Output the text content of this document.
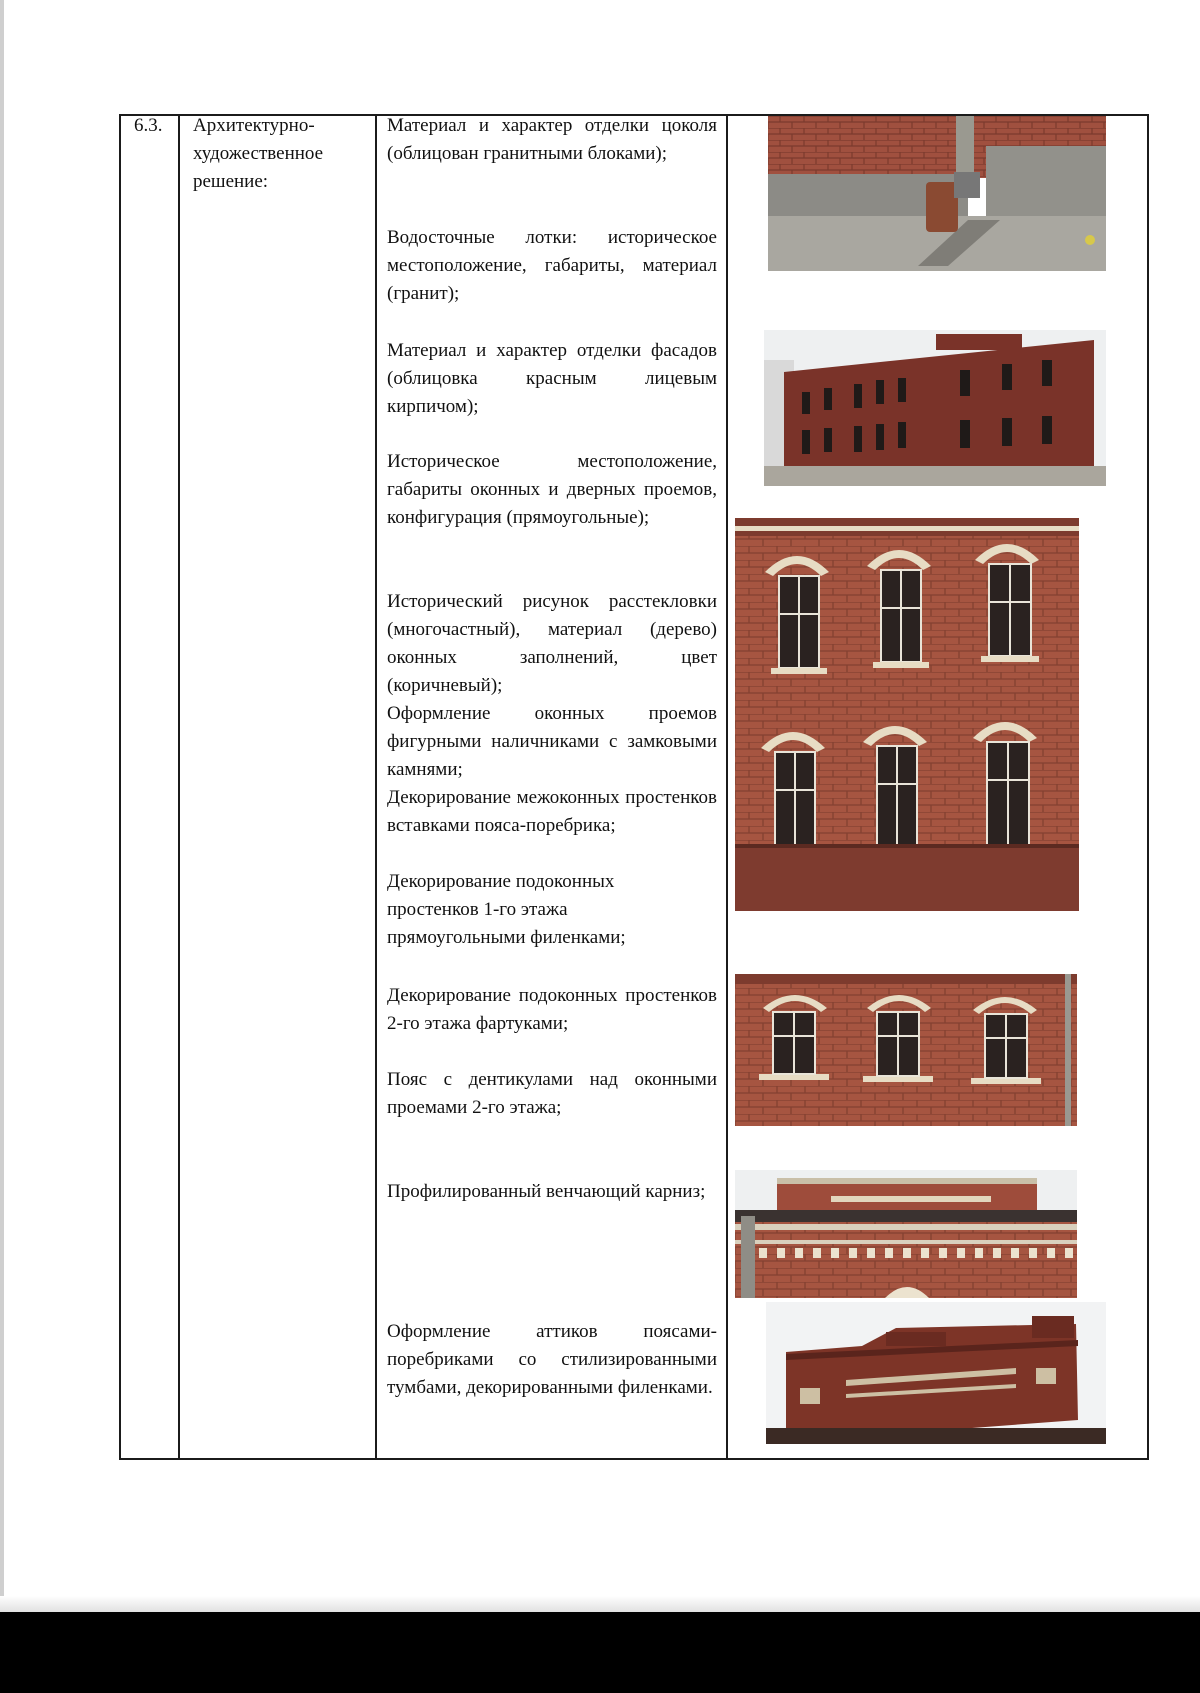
6.3. Архитектурно-
художественное
решение:
Материал и характер отделки цоколя (облицован гранитными блоками);
Водосточные лотки: историческое местоположение, габариты, материал (гранит);
Материал и характер отделки фасадов (облицовка красным лицевым кирпичом);
Историческое местоположение, габариты оконных и дверных проемов, конфигурация (прямоугольные);
Исторический рисунок расстекловки (многочастный), материал (дерево) оконных заполнений, цвет (коричневый);
Оформление оконных проемов фигурными наличниками с замковыми камнями;
Декорирование межоконных простенков вставками пояса-поребрика;
Декорирование подоконных простенков 1-го этажа прямоугольными филенками;
Декорирование подоконных простенков 2-го этажа фартуками;
Пояс с дентикулами над оконными проемами 2-го этажа;
Профилированный венчающий карниз;
Оформление аттиков поясами-поребриками со стилизированными тумбами, декорированными филенками.
